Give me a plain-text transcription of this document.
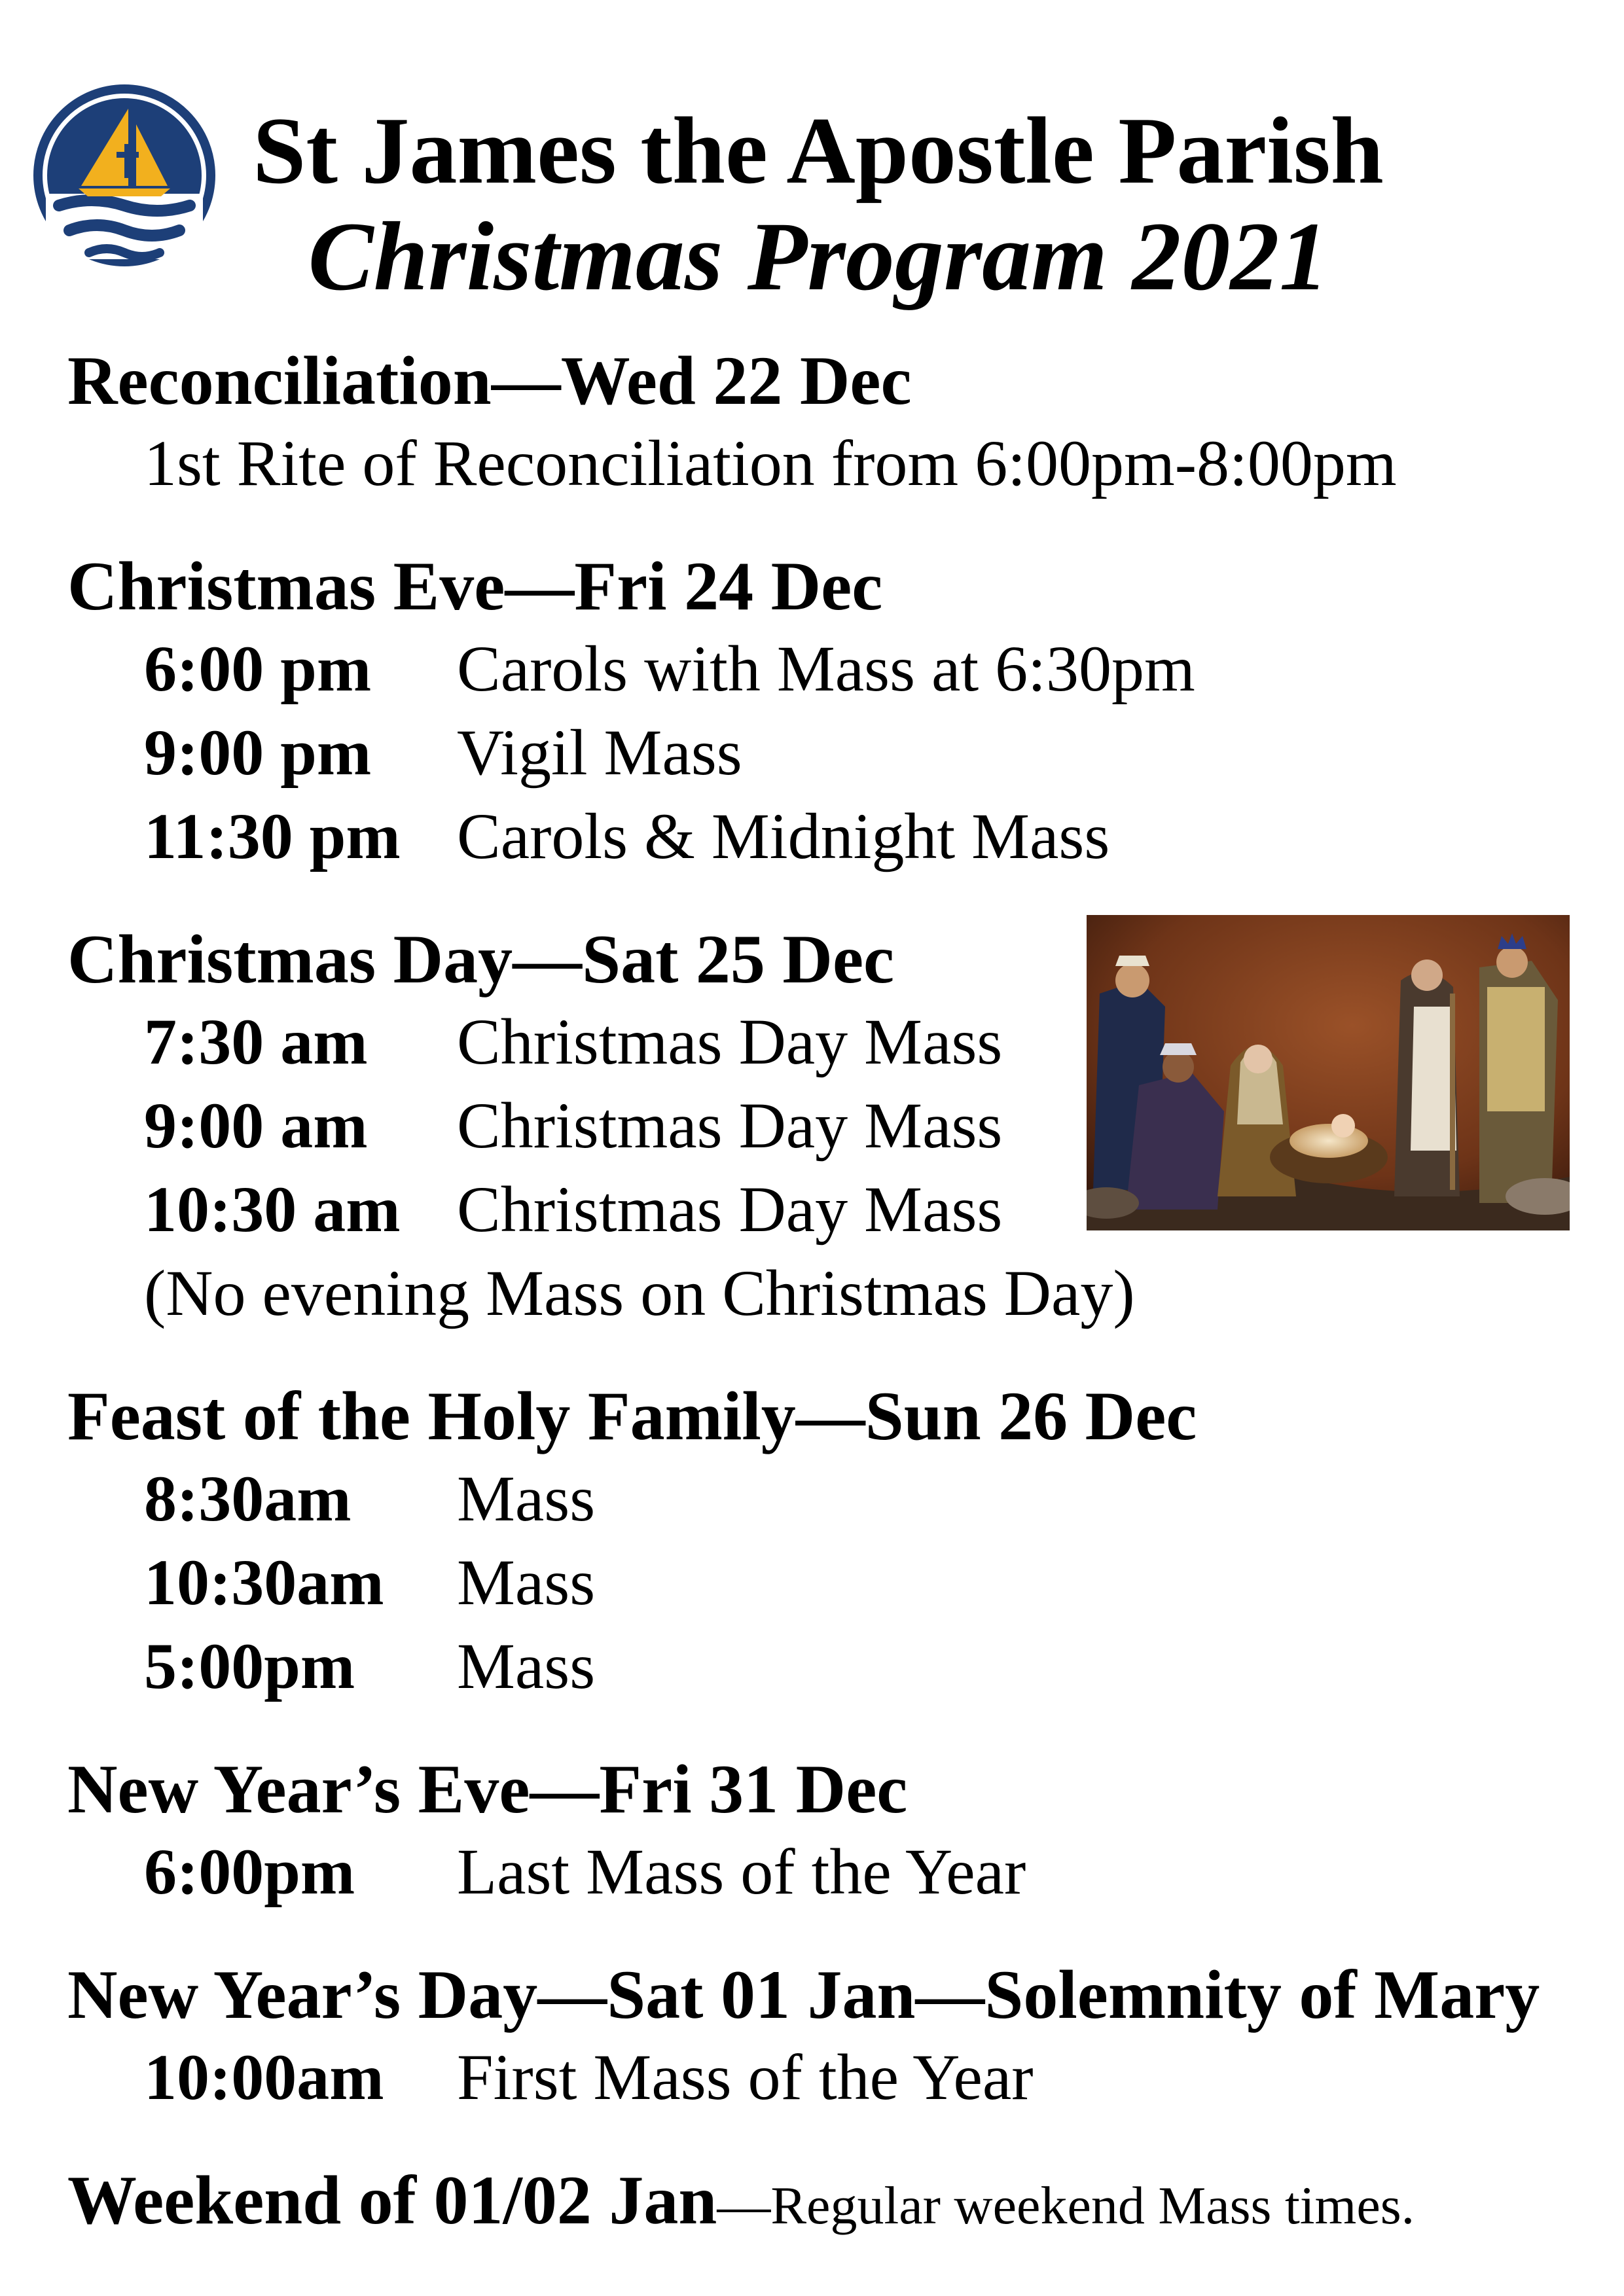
St James the Apostle Parish
Christmas Program 2021
Reconciliation—Wed 22 Dec
1st Rite of Reconciliation from 6:00pm-8:00pm
Christmas Eve—Fri 24 Dec
6:00 pm	Carols with Mass at 6:30pm
9:00 pm	Vigil Mass
11:30 pm Carols & Midnight Mass
Christmas Day—Sat 25 Dec
7:30 am	Christmas Day Mass
9:00 am	Christmas Day Mass
10:30 am Christmas Day Mass
(No evening Mass on Christmas Day)
Feast of the Holy Family—Sun 26 Dec
8:30am	Mass
10:30am	Mass
5:00pm	Mass
New Year’s Eve—Fri 31 Dec
6:00pm	Last Mass of the Year
New Year’s Day—Sat 01 Jan—Solemnity of Mary
10:00am	First Mass of the Year
Weekend of 01/02 Jan—Regular weekend Mass times.
